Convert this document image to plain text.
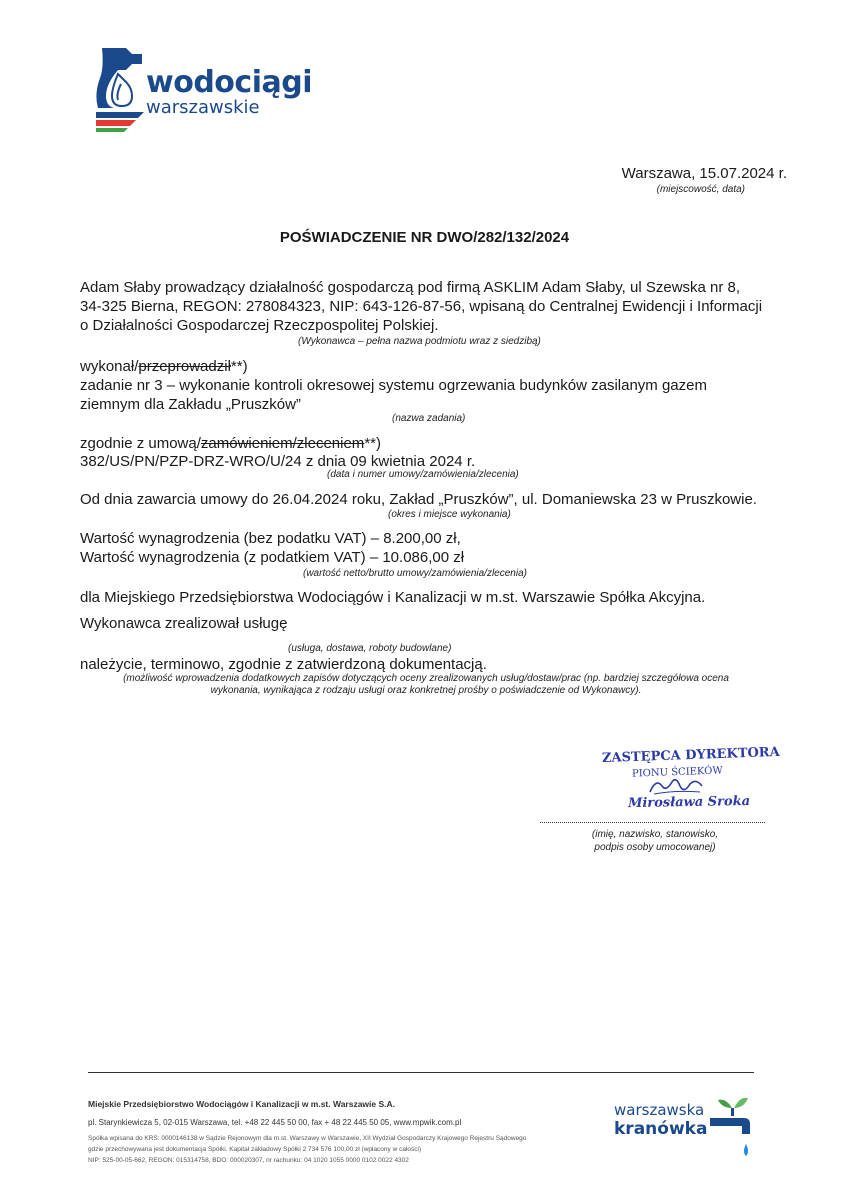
wodociągi
warszawskie
Warszawa, 15.07.2024 r.
(miejscowość, data)
POŚWIADCZENIE NR DWO/282/132/2024
Adam Słaby prowadzący działalność gospodarczą pod firmą ASKLIM Adam Słaby, ul Szewska nr 8,
34-325 Bierna, REGON: 278084323, NIP: 643-126-87-56, wpisaną do Centralnej Ewidencji i Informacji
o Działalności Gospodarczej Rzeczpospolitej Polskiej.
(Wykonawca – pełna nazwa podmiotu wraz z siedzibą)
wykonał/przeprowadził**)
zadanie nr 3 – wykonanie kontroli okresowej systemu ogrzewania budynków zasilanym gazem
ziemnym dla Zakładu „Pruszków”
(nazwa zadania)
zgodnie z umową/zamówieniem/zleceniem**)
382/US/PN/PZP-DRZ-WRO/U/24 z dnia 09 kwietnia 2024 r.
(data i numer umowy/zamówienia/zlecenia)
Od dnia zawarcia umowy do 26.04.2024 roku, Zakład „Pruszków”, ul. Domaniewska 23 w Pruszkowie.
(okres i miejsce wykonania)
Wartość wynagrodzenia (bez podatku VAT) – 8.200,00 zł,
Wartość wynagrodzenia (z podatkiem VAT) – 10.086,00 zł
(wartość netto/brutto umowy/zamówienia/zlecenia)
dla Miejskiego Przedsiębiorstwa Wodociągów i Kanalizacji w m.st. Warszawie Spółka Akcyjna.
Wykonawca zrealizował usługę
(usługa, dostawa, roboty budowlane)
należycie, terminowo, zgodnie z zatwierdzoną dokumentacją.
(możliwość wprowadzenia dodatkowych zapisów dotyczących oceny zrealizowanych usług/dostaw/prac (np. bardziej szczegółowa ocena
wykonania, wynikająca z rodzaju usługi oraz konkretnej prośby o poświadczenie od Wykonawcy).
ZASTĘPCA DYREKTORA
PIONU ŚCIEKÓW
Mirosława Sroka
(imię, nazwisko, stanowisko,
podpis osoby umocowanej)
Miejskie Przedsiębiorstwo Wodociągów i Kanalizacji w m.st. Warszawie S.A.
pl. Starynkiewicza 5, 02-015 Warszawa, tel. +48 22 445 50 00, fax + 48 22 445 50 05, www.mpwik.com.pl
Spółka wpisana do KRS: 0000146138 w Sądzie Rejonowym dla m.st. Warszawy w Warszawie, XII Wydział Gospodarczy Krajowego Rejestru Sądowego
gdzie przechowywana jest dokumentacja Spółki. Kapitał zakładowy Spółki 2 734 576 100,00 zł (wpłacony w całości)
NIP: 525-00-05-662, REGON: 015314758, BDO: 000020307, nr rachunku: 04 1020 1055 0000 0102 0022 4302
warszawska
kranówka
